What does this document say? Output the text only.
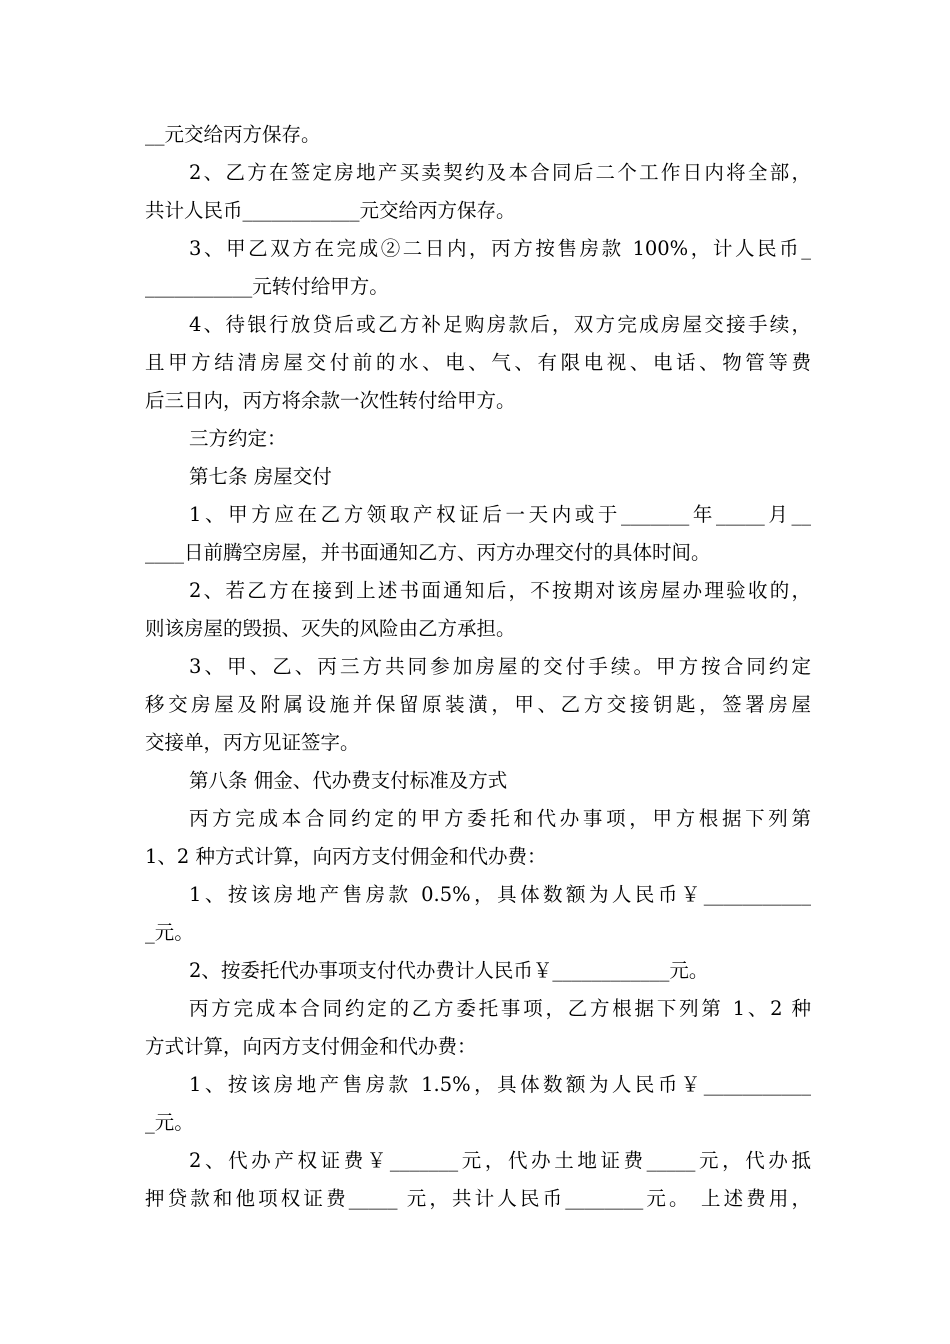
__元交给丙方保存。
2、乙方在签定房地产买卖契约及本合同后二个工作日内将全部，
共计人民币____________元交给丙方保存。
3、甲乙双方在完成②二日内，丙方按售房款 100%，计人民币_
___________元转付给甲方。
4、待银行放贷后或乙方补足购房款后，双方完成房屋交接手续，
且甲方结清房屋交付前的水、电、气、有限电视、电话、物管等费
后三日内，丙方将余款一次性转付给甲方。
三方约定：
第七条 房屋交付
1、甲方应在乙方领取产权证后一天内或于_______年_____月__
____日前腾空房屋，并书面通知乙方、丙方办理交付的具体时间。
2、若乙方在接到上述书面通知后，不按期对该房屋办理验收的，
则该房屋的毁损、灭失的风险由乙方承担。
3、甲、乙、丙三方共同参加房屋的交付手续。甲方按合同约定
移交房屋及附属设施并保留原装潢，甲、乙方交接钥匙，签署房屋
交接单，丙方见证签字。
第八条 佣金、代办费支付标准及方式
丙方完成本合同约定的甲方委托和代办事项，甲方根据下列第
1、2 种方式计算，向丙方支付佣金和代办费：
1、按该房地产售房款 0.5%，具体数额为人民币￥___________
_元。
2、按委托代办事项支付代办费计人民币￥____________元。
丙方完成本合同约定的乙方委托事项，乙方根据下列第 1、2 种
方式计算，向丙方支付佣金和代办费：
1、按该房地产售房款 1.5%，具体数额为人民币￥___________
_元。
2、代办产权证费￥_______元，代办土地证费_____元，代办抵
押贷款和他项权证费_____ 元，共计人民币________元。 上述费用，
